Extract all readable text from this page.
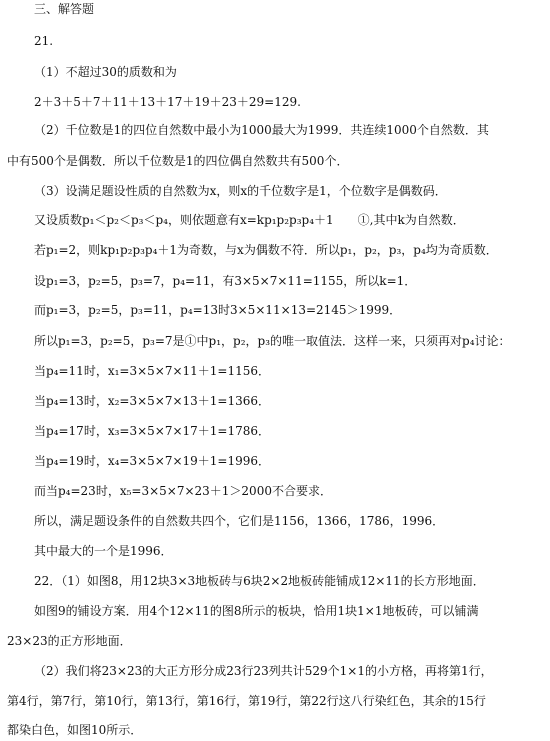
三、解答题
21.
（1）不超过30的质数和为
2＋3＋5＋7＋11＋13＋17＋19＋23＋29=129.
（2）千位数是1的四位自然数中最小为1000最大为1999．共连续1000个自然数．其
中有500个是偶数．所以千位数是1的四位偶自然数共有500个．
（3）设满足题设性质的自然数为x，则x的千位数字是1，个位数字是偶数码．
又设质数p₁＜p₂＜p₃＜p₄，则依题意有x=kp₁p₂p₃p₄＋1　　①,其中k为自然数．
若p₁=2，则kp₁p₂p₃p₄＋1为奇数，与x为偶数不符．所以p₁，p₂，p₃，p₄均为奇质数．
设p₁=3，p₂=5，p₃=7，p₄=11，有3×5×7×11=1155，所以k=1．
而p₁=3，p₂=5，p₃=11，p₄=13时3×5×11×13=2145＞1999．
所以p₁=3，p₂=5，p₃=7是①中p₁，p₂，p₃的唯一取值法．这样一来，只须再对p₄讨论：
当p₄=11时，x₁=3×5×7×11＋1=1156．
当p₄=13时，x₂=3×5×7×13＋1=1366．
当p₄=17时，x₃=3×5×7×17＋1=1786．
当p₄=19时，x₄=3×5×7×19＋1=1996．
而当p₄=23时，x₅=3×5×7×23＋1＞2000不合要求．
所以，满足题设条件的自然数共四个，它们是1156，1366，1786，1996．
其中最大的一个是1996．
22．（1）如图8，用12块3×3地板砖与6块2×2地板砖能铺成12×11的长方形地面．
如图9的铺设方案．用4个12×11的图8所示的板块，恰用1块1×1地板砖，可以铺满
23×23的正方形地面．
（2）我们将23×23的大正方形分成23行23列共计529个1×1的小方格，再将第1行，
第4行，第7行，第10行，第13行，第16行，第19行，第22行这八行染红色，其余的15行
都染白色，如图10所示．
